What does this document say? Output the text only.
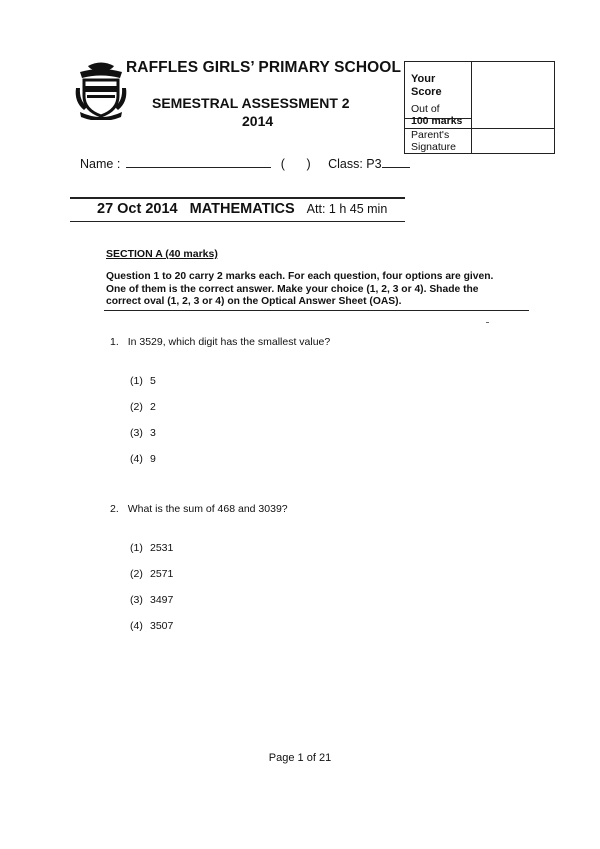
RAFFLES GIRLS’ PRIMARY SCHOOL
SEMESTRAL ASSESSMENT 2
2014
Your
Score
Out of
100 marks
Parent's
Signature
Name :	( ) Class: P3
27 Oct 2014 MATHEMATICS Att: 1 h 45 min
SECTION A (40 marks)
Question 1 to 20 carry 2 marks each. For each question, four options are given.
One of them is the correct answer. Make your choice (1, 2, 3 or 4). Shade the
correct oval (1, 2, 3 or 4) on the Optical Answer Sheet (OAS).
1. In 3529, which digit has the smallest value?
(1) 5
(2) 2
(3) 3
(4) 9
2. What is the sum of 468 and 3039?
(1) 2531
(2) 2571
(3) 3497
(4) 3507
Page 1 of 21
